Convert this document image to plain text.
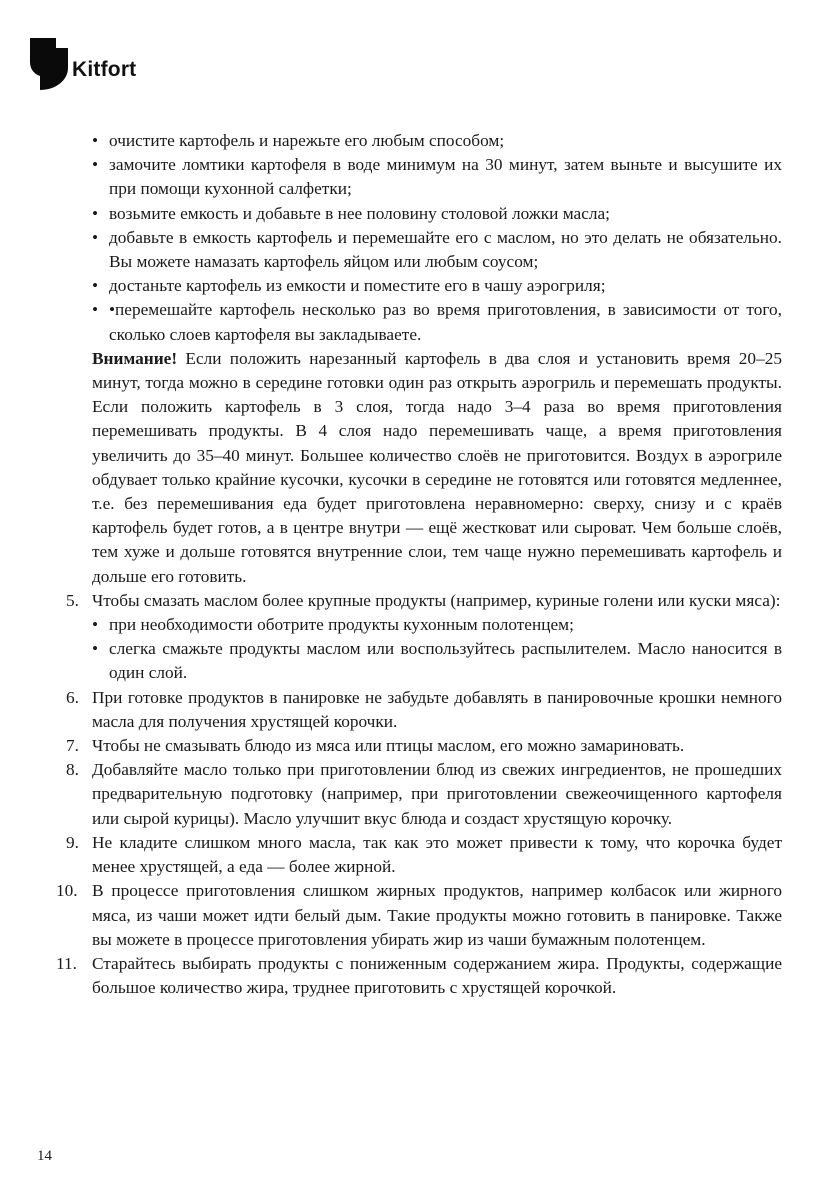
Kitfort
• очистите картофель и нарежьте его любым способом;
• замочите ломтики картофеля в воде минимум на 30 минут, затем выньте и высушите их при помощи кухонной салфетки;
• возьмите емкость и добавьте в нее половину столовой ложки масла;
• добавьте в емкость картофель и перемешайте его с маслом, но это делать не обязательно. Вы можете намазать картофель яйцом или любым соусом;
• достаньте картофель из емкости и поместите его в чашу аэрогриля;
• •перемешайте картофель несколько раз во время приготовления, в зависимости от того, сколько слоев картофеля вы закладываете.

Внимание! Если положить нарезанный картофель в два слоя и установить время 20–25 минут, тогда можно в середине готовки один раз открыть аэрогриль и перемешать продукты. Если положить картофель в 3 слоя, тогда надо 3–4 раза во время приготовления перемешивать продукты. В 4 слоя надо перемешивать чаще, а время приготовления увеличить до 35–40 минут. Большее количество слоёв не приготовится. Воздух в аэрогриле обдувает только крайние кусочки, кусочки в середине не готовятся или готовятся медленнее, т.е. без перемешивания еда будет приготовлена неравномерно: сверху, снизу и с краёв картофель будет готов, а в центре внутри — ещё жестковат или сыроват. Чем больше слоёв, тем хуже и дольше готовятся внутренние слои, тем чаще нужно перемешивать картофель и дольше его готовить.

5. Чтобы смазать маслом более крупные продукты (например, куриные голени или куски мяса):
• при необходимости оботрите продукты кухонным полотенцем;
• слегка смажьте продукты маслом или воспользуйтесь распылителем. Масло наносится в один слой.
6. При готовке продуктов в панировке не забудьте добавлять в панировочные крошки немного масла для получения хрустящей корочки.
7. Чтобы не смазывать блюдо из мяса или птицы маслом, его можно замариновать.
8. Добавляйте масло только при приготовлении блюд из свежих ингредиентов, не прошедших предварительную подготовку (например, при приготовлении свежеочищенного картофеля или сырой курицы). Масло улучшит вкус блюда и создаст хрустящую корочку.
9. Не кладите слишком много масла, так как это может привести к тому, что корочка будет менее хрустящей, а еда — более жирной.
10. В процессе приготовления слишком жирных продуктов, например колбасок или жирного мяса, из чаши может идти белый дым. Такие продукты можно готовить в панировке. Также вы можете в процессе приготовления убирать жир из чаши бумажным полотенцем.
11. Старайтесь выбирать продукты с пониженным содержанием жира. Продукты, содержащие большое количество жира, труднее приготовить с хрустящей корочкой.
14
